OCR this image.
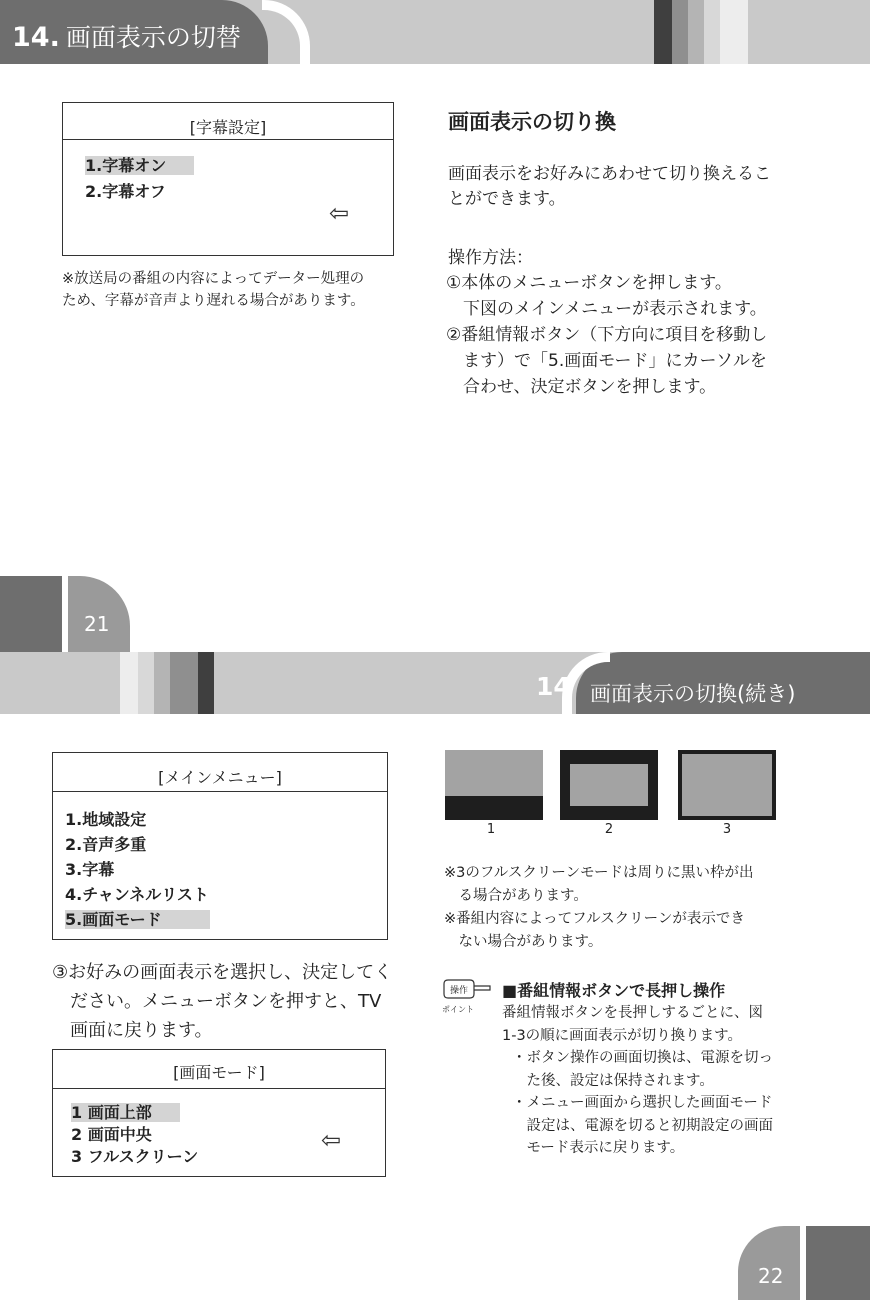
14. 画面表示の切替
[字幕設定]
1.字幕オン
2.字幕オフ
⇦
※放送局の番組の内容によってデーター処理の
ため、字幕が音声より遅れる場合があります。
画面表示の切り換
画面表示をお好みにあわせて切り換えるこ
とができます。
操作方法：
①本体のメニューボタンを押します。
　下図のメインメニューが表示されます。
②番組情報ボタン（下方向に項目を移動し
　ます）で「5.画面モード」にカーソルを
　合わせ、決定ボタンを押します。
21
14 画面表示の切換(続き)
[メインメニュー]
1.地域設定
2.音声多重
3.字幕
4.チャンネルリスト
5.画面モード
③お好みの画面表示を選択し、決定してく
　ださい。メニューボタンを押すと、TV
　画面に戻ります。
[画面モード]
1 画面上部
2 画面中央
3 フルスクリーン
⇦
1	2	3
※3のフルスクリーンモードは周りに黒い枠が出
　る場合があります。
※番組内容によってフルスクリーンが表示でき
　ない場合があります。
操作
ポイント
■番組情報ボタンで長押し操作
番組情報ボタンを長押しするごとに、図
1-3の順に画面表示が切り換ります。
・ボタン操作の画面切換は、電源を切っ
　た後、設定は保持されます。
・メニュー画面から選択した画面モード
　設定は、電源を切ると初期設定の画面
　モード表示に戻ります。
22
